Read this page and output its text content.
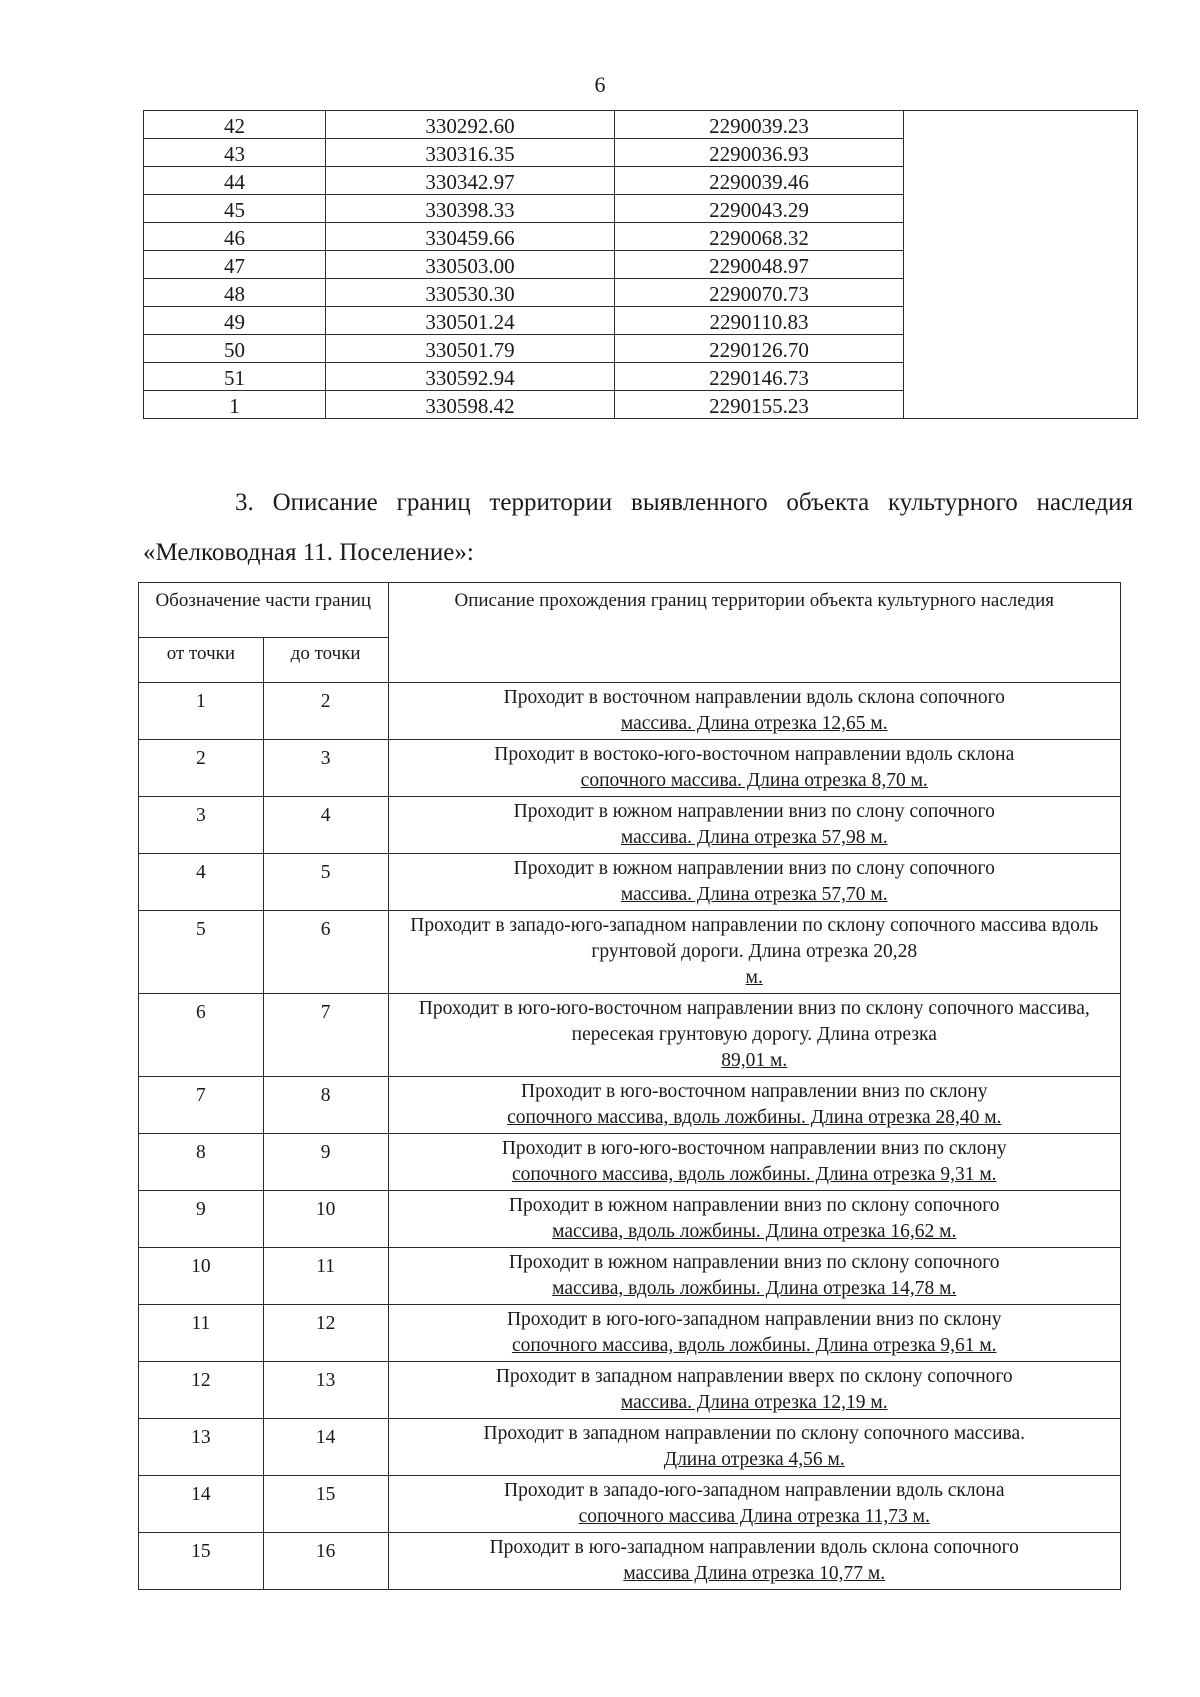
6
42	330292.60	2290039.23	
43	330316.35	2290036.93	
44	330342.97	2290039.46	
45	330398.33	2290043.29	
46	330459.66	2290068.32	
47	330503.00	2290048.97	
48	330530.30	2290070.73	
49	330501.24	2290110.83	
50	330501.79	2290126.70	
51	330592.94	2290146.73	
1	330598.42	2290155.23	
3. Описание границ территории выявленного объекта культурного наследия «Мелководная 11. Поселение»:
Обозначение части границ		Описание прохождения границ территории объекта культурного наследия
от точки	до точки	
1	2	Проходит в восточном направлении вдоль склона сопочного
массива. Длина отрезка 12,65 м.
2	3	Проходит в востоко-юго-восточном направлении вдоль склона
сопочного массива. Длина отрезка 8,70 м.
3	4	Проходит в южном направлении вниз по слону сопочного
массива. Длина отрезка 57,98 м.
4	5	Проходит в южном направлении вниз по слону сопочного
массива. Длина отрезка 57,70 м.
5	6	Проходит в западо-юго-западном направлении по склону сопочного массива вдоль грунтовой дороги. Длина отрезка 20,28
м.
6	7	Проходит в юго-юго-восточном направлении вниз по склону сопочного массива, пересекая грунтовую дорогу. Длина отрезка
89,01 м.
7	8	Проходит в юго-восточном направлении вниз по склону
сопочного массива, вдоль ложбины. Длина отрезка 28,40 м.
8	9	Проходит в юго-юго-восточном направлении вниз по склону
сопочного массива, вдоль ложбины. Длина отрезка 9,31 м.
9	10	Проходит в южном направлении вниз по склону сопочного
массива, вдоль ложбины. Длина отрезка 16,62 м.
10	11	Проходит в южном направлении вниз по склону сопочного
массива, вдоль ложбины. Длина отрезка 14,78 м.
11	12	Проходит в юго-юго-западном направлении вниз по склону
сопочного массива, вдоль ложбины. Длина отрезка 9,61 м.
12	13	Проходит в западном направлении вверх по склону сопочного
массива. Длина отрезка 12,19 м.
13	14	Проходит в западном направлении по склону сопочного массива.
Длина отрезка 4,56 м.
14	15	Проходит в западо-юго-западном направлении вдоль склона
сопочного массива Длина отрезка 11,73 м.
15	16	Проходит в юго-западном направлении вдоль склона сопочного
массива Длина отрезка 10,77 м.
